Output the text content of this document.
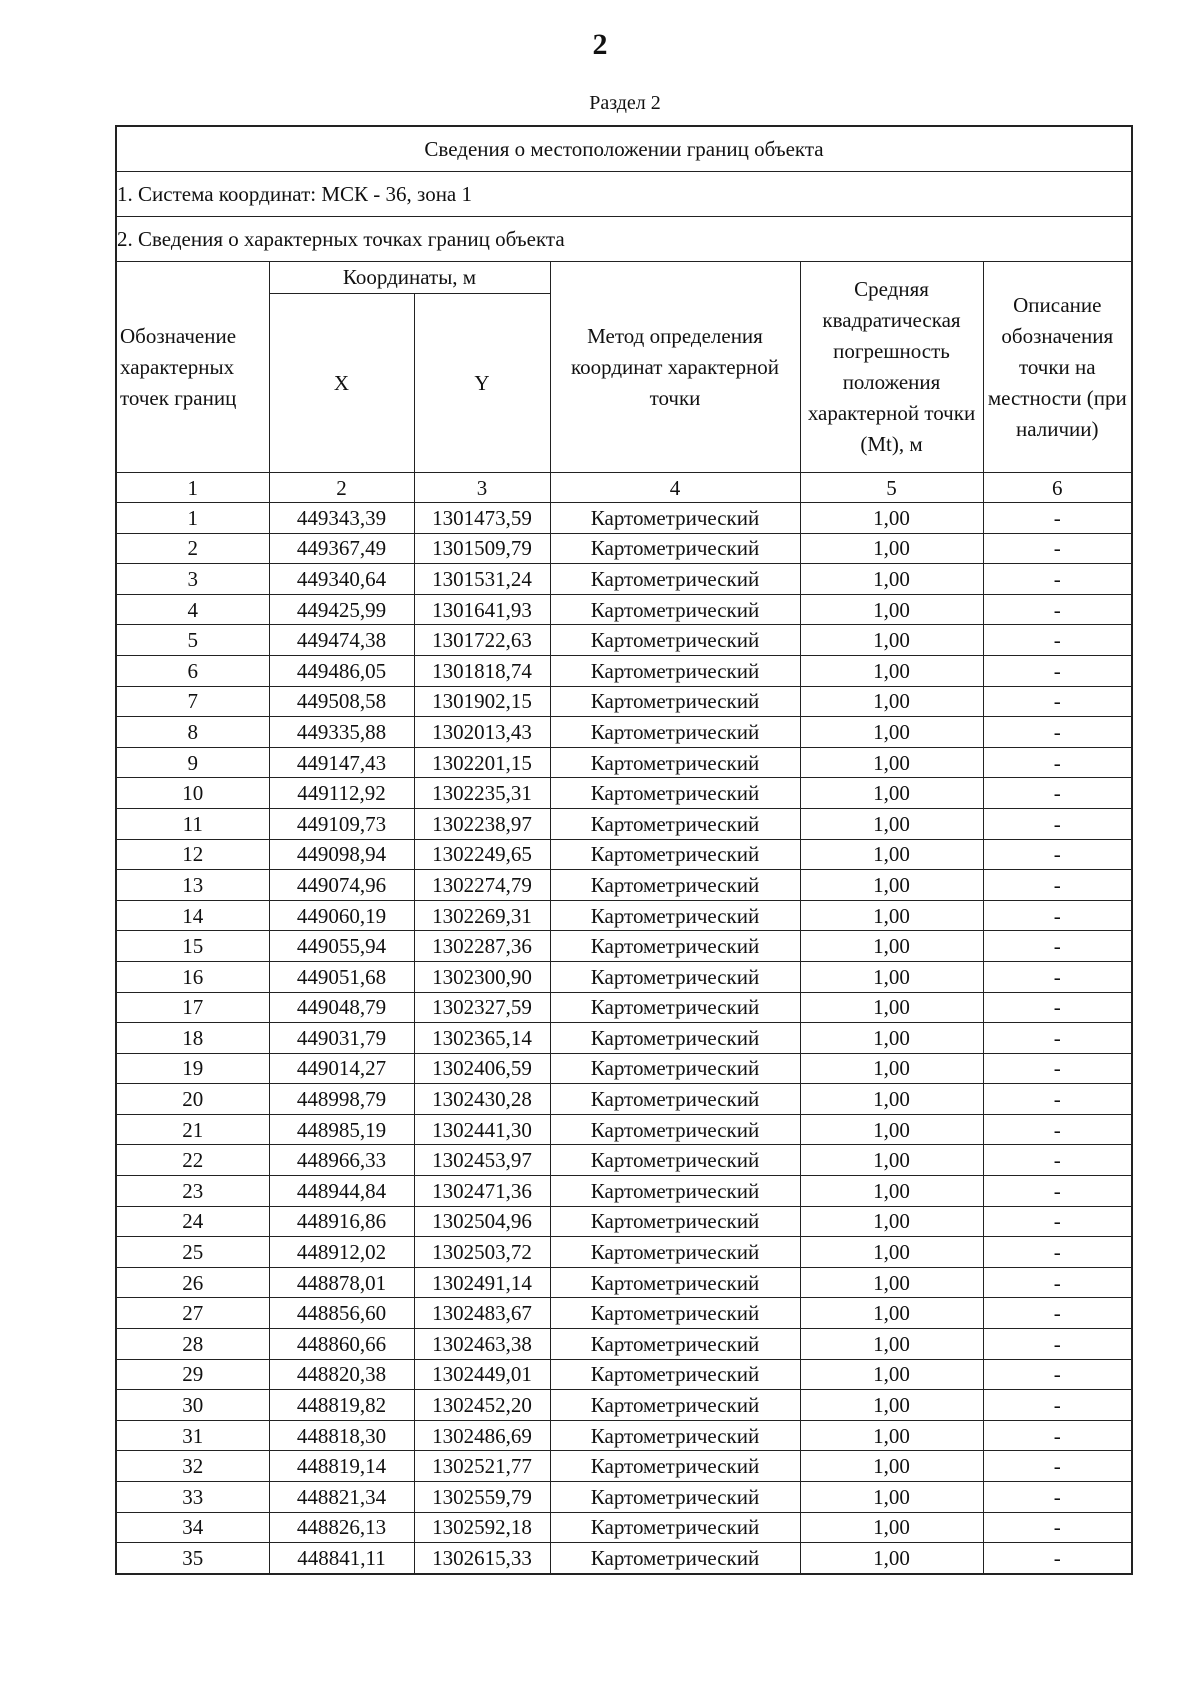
2
Раздел 2
Сведения о местоположении границ объекта					
1. Система координат: МСК - 36, зона 1					
2. Сведения о характерных точках границ объекта					
Обозначение характерных точек границ	Координаты, м		Метод определения координат характерной точки	Средняя квадратическая погрешность положения характерной точки (Mt), м	Описание обозначения точки на местности (при наличии)
	X	Y			
1	2	3	4	5	6
1	449343,39	1301473,59	Картометрический	1,00	-
2	449367,49	1301509,79	Картометрический	1,00	-
3	449340,64	1301531,24	Картометрический	1,00	-
4	449425,99	1301641,93	Картометрический	1,00	-
5	449474,38	1301722,63	Картометрический	1,00	-
6	449486,05	1301818,74	Картометрический	1,00	-
7	449508,58	1301902,15	Картометрический	1,00	-
8	449335,88	1302013,43	Картометрический	1,00	-
9	449147,43	1302201,15	Картометрический	1,00	-
10	449112,92	1302235,31	Картометрический	1,00	-
11	449109,73	1302238,97	Картометрический	1,00	-
12	449098,94	1302249,65	Картометрический	1,00	-
13	449074,96	1302274,79	Картометрический	1,00	-
14	449060,19	1302269,31	Картометрический	1,00	-
15	449055,94	1302287,36	Картометрический	1,00	-
16	449051,68	1302300,90	Картометрический	1,00	-
17	449048,79	1302327,59	Картометрический	1,00	-
18	449031,79	1302365,14	Картометрический	1,00	-
19	449014,27	1302406,59	Картометрический	1,00	-
20	448998,79	1302430,28	Картометрический	1,00	-
21	448985,19	1302441,30	Картометрический	1,00	-
22	448966,33	1302453,97	Картометрический	1,00	-
23	448944,84	1302471,36	Картометрический	1,00	-
24	448916,86	1302504,96	Картометрический	1,00	-
25	448912,02	1302503,72	Картометрический	1,00	-
26	448878,01	1302491,14	Картометрический	1,00	-
27	448856,60	1302483,67	Картометрический	1,00	-
28	448860,66	1302463,38	Картометрический	1,00	-
29	448820,38	1302449,01	Картометрический	1,00	-
30	448819,82	1302452,20	Картометрический	1,00	-
31	448818,30	1302486,69	Картометрический	1,00	-
32	448819,14	1302521,77	Картометрический	1,00	-
33	448821,34	1302559,79	Картометрический	1,00	-
34	448826,13	1302592,18	Картометрический	1,00	-
35	448841,11	1302615,33	Картометрический	1,00	-
